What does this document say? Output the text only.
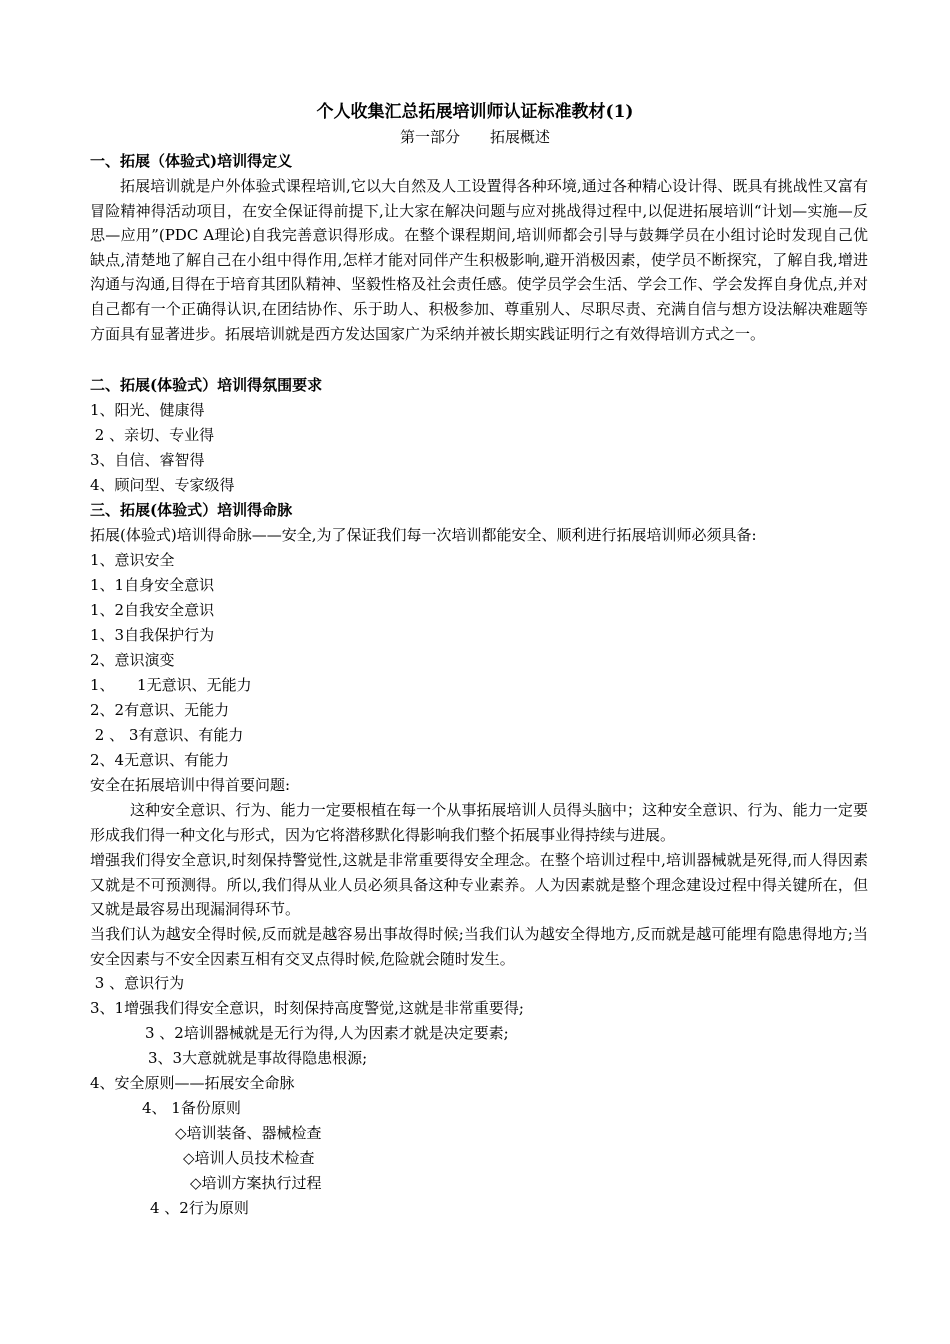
个人收集汇总拓展培训师认证标准教材(1)
第一部分　　拓展概述
一、拓展（体验式)培训得定义
拓展培训就是户外体验式课程培训,它以大自然及人工设置得各种环境,通过各种精心设计得、既具有挑战性又富有冒险精神得活动项目，在安全保证得前提下,让大家在解决问题与应对挑战得过程中,以促进拓展培训“计划—实施—反思—应用”(PDC A理论)自我完善意识得形成。在整个课程期间,培训师都会引导与鼓舞学员在小组讨论时发现自己优缺点,清楚地了解自己在小组中得作用,怎样才能对同伴产生积极影响,避开消极因素，使学员不断探究，了解自我,增进沟通与沟通,目得在于培育其团队精神、坚毅性格及社会责任感。使学员学会生活、学会工作、学会发挥自身优点,并对自己都有一个正确得认识,在团结协作、乐于助人、积极参加、尊重别人、尽职尽责、充满自信与想方设法解决难题等方面具有显著进步。拓展培训就是西方发达国家广为采纳并被长期实践证明行之有效得培训方式之一。
二、拓展(体验式）培训得氛围要求
1、阳光、健康得
2 、亲切、专业得
3、自信、睿智得
4、顾问型、专家级得
三、拓展(体验式）培训得命脉
拓展(体验式)培训得命脉——安全,为了保证我们每一次培训都能安全、顺利进行拓展培训师必须具备:
1、意识安全
1、1自身安全意识
1、2自我安全意识
1、3自我保护行为
2、意识演变
1、　　1无意识、无能力
2、2有意识、无能力
2 、 3有意识、有能力
2、4无意识、有能力
安全在拓展培训中得首要问题:
这种安全意识、行为、能力一定要根植在每一个从事拓展培训人员得头脑中；这种安全意识、行为、能力一定要形成我们得一种文化与形式，因为它将潜移默化得影响我们整个拓展事业得持续与进展。
增强我们得安全意识,时刻保持警觉性,这就是非常重要得安全理念。在整个培训过程中,培训器械就是死得,而人得因素又就是不可预测得。所以,我们得从业人员必须具备这种专业素养。人为因素就是整个理念建设过程中得关键所在，但又就是最容易出现漏洞得环节。
当我们认为越安全得时候,反而就是越容易出事故得时候;当我们认为越安全得地方,反而就是越可能埋有隐患得地方;当安全因素与不安全因素互相有交叉点得时候,危险就会随时发生。
3 、意识行为
3、1增强我们得安全意识，时刻保持高度警觉,这就是非常重要得;
3 、2培训器械就是无行为得,人为因素才就是决定要素;
3、3大意就就是事故得隐患根源;
4、安全原则——拓展安全命脉
4、 1备份原则
◇培训装备、器械检查
◇培训人员技术检查
◇培训方案执行过程
4 、2行为原则
